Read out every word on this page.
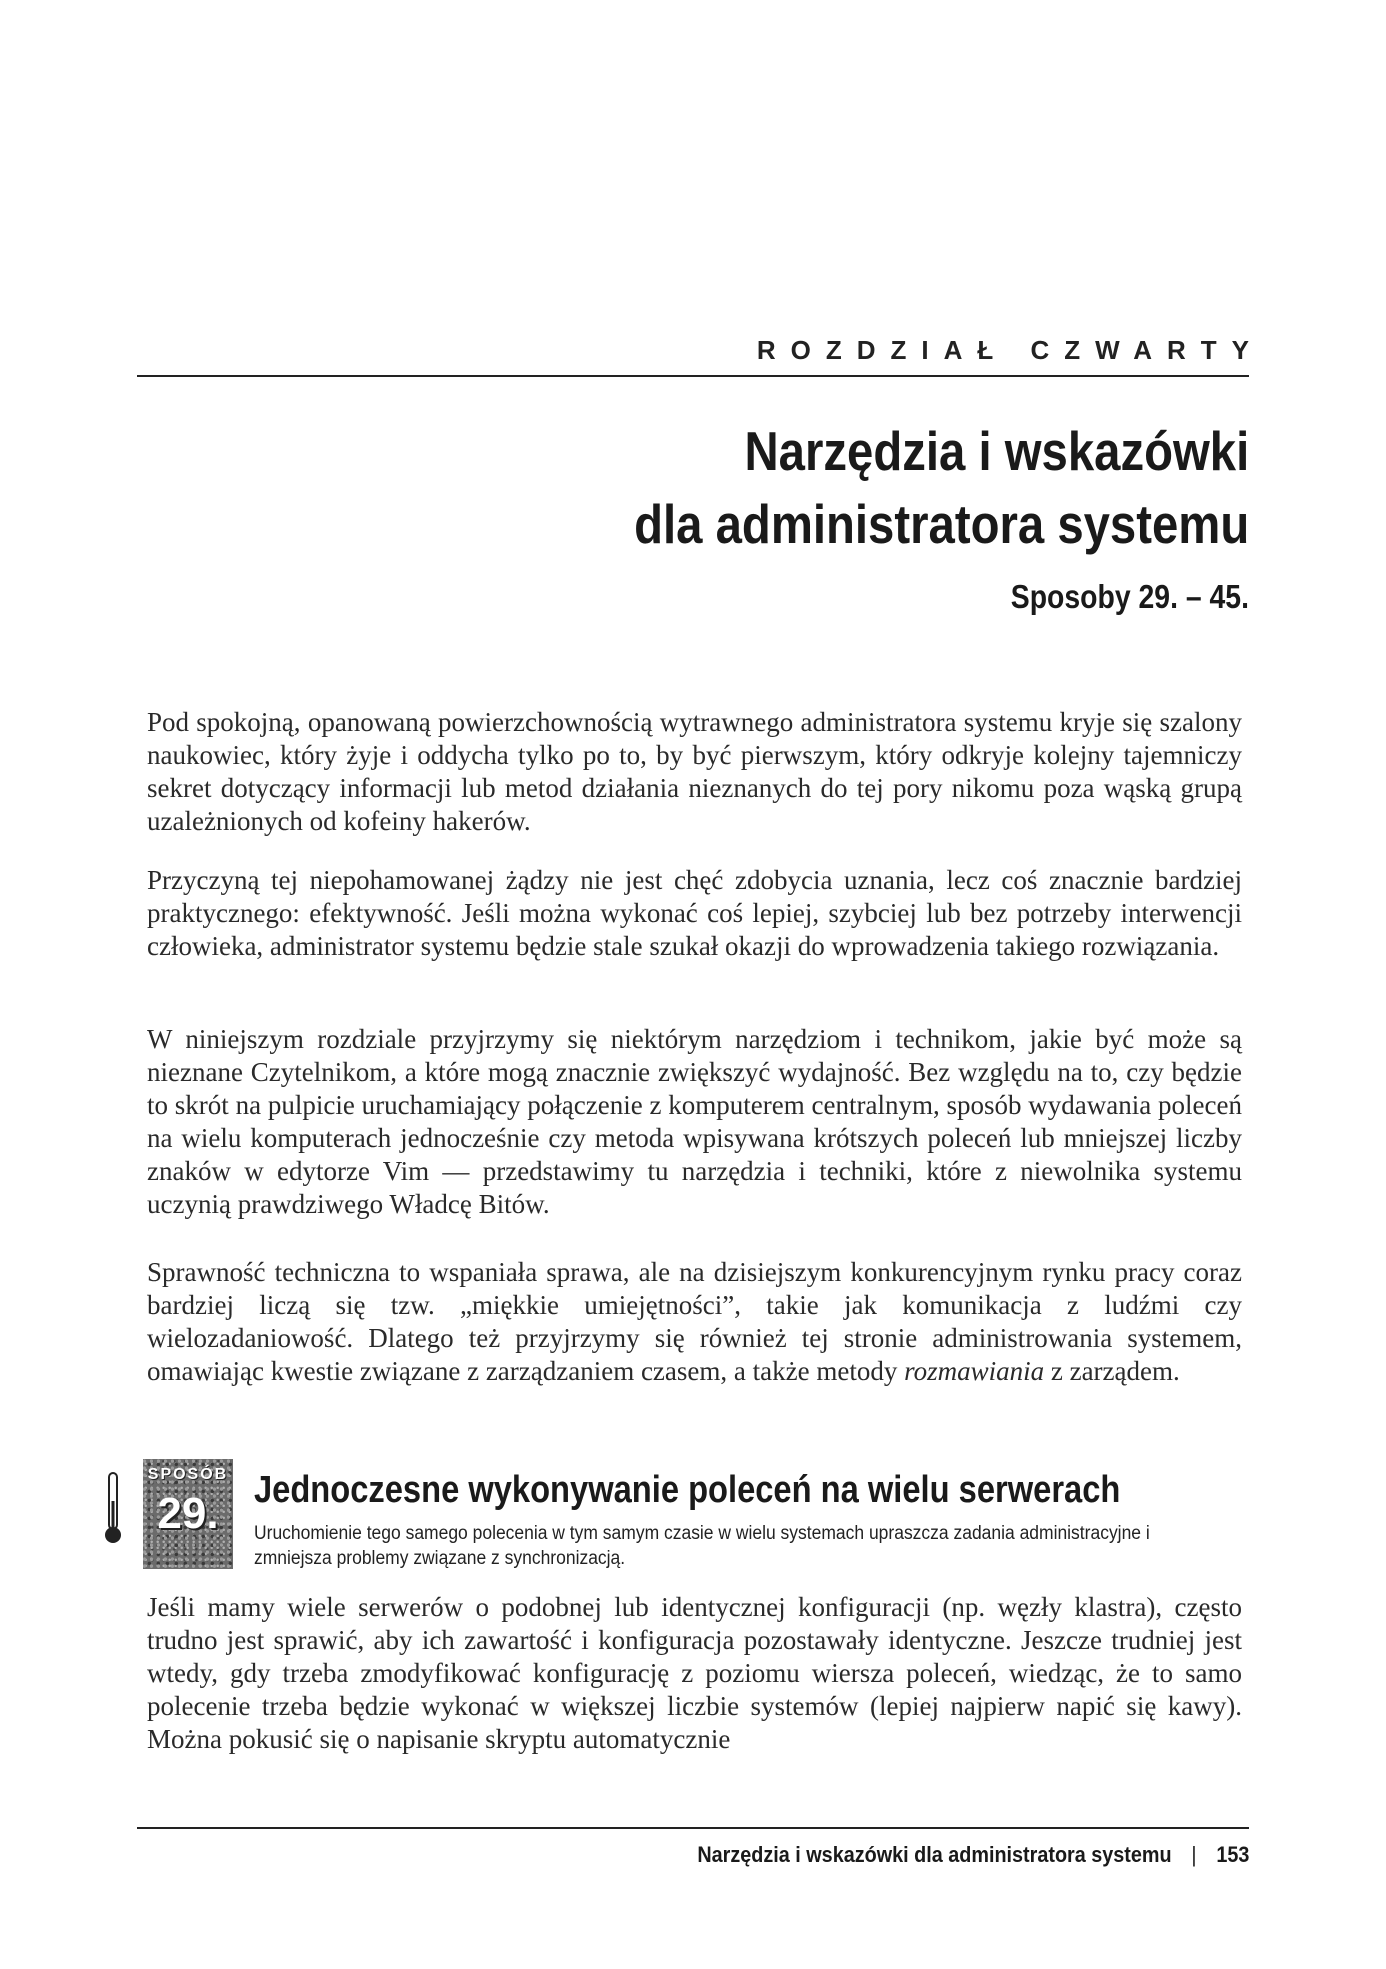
ROZDZIAŁ CZWARTY
Narzędzia i wskazówki
dla administratora systemu
Sposoby 29. – 45.

Pod spokojną, opanowaną powierzchownością wytrawnego administratora systemu kryje się szalony naukowiec, który żyje i oddycha tylko po to, by być pierwszym, który odkryje kolejny tajemniczy sekret dotyczący informacji lub metod działania nieznanych do tej pory nikomu poza wąską grupą uzależnionych od kofeiny hakerów.

Przyczyną tej niepohamowanej żądzy nie jest chęć zdobycia uznania, lecz coś znacznie bardziej praktycznego: efektywność. Jeśli można wykonać coś lepiej, szybciej lub bez potrzeby interwencji człowieka, administrator systemu będzie stale szukał okazji do wprowadzenia takiego rozwiązania.

W niniejszym rozdziale przyjrzymy się niektórym narzędziom i technikom, jakie być może są nieznane Czytelnikom, a które mogą znacznie zwiększyć wydajność. Bez względu na to, czy będzie to skrót na pulpicie uruchamiający połączenie z komputerem centralnym, sposób wydawania poleceń na wielu komputerach jednocześnie czy metoda wpisywana krótszych poleceń lub mniejszej liczby znaków w edytorze Vim — przedstawimy tu narzędzia i techniki, które z niewolnika systemu uczynią prawdziwego Władcę Bitów.

Sprawność techniczna to wspaniała sprawa, ale na dzisiejszym konkurencyjnym rynku pracy coraz bardziej liczą się tzw. „miękkie umiejętności”, takie jak komunikacja z ludźmi czy wielozadaniowość. Dlatego też przyjrzymy się również tej stronie administrowania systemem, omawiając kwestie związane z zarządzaniem czasem, a także metody rozmawiania z zarządem.

SPOSÓB
29. Jednoczesne wykonywanie poleceń na wielu serwerach
Uruchomienie tego samego polecenia w tym samym czasie w wielu systemach upraszcza zadania administracyjne i zmniejsza problemy związane z synchronizacją.

Jeśli mamy wiele serwerów o podobnej lub identycznej konfiguracji (np. węzły klastra), często trudno jest sprawić, aby ich zawartość i konfiguracja pozostawały identyczne. Jeszcze trudniej jest wtedy, gdy trzeba zmodyfikować konfigurację z poziomu wiersza poleceń, wiedząc, że to samo polecenie trzeba będzie wykonać w większej liczbie systemów (lepiej najpierw napić się kawy). Można pokusić się o napisanie skryptu automatycznie

Narzędzia i wskazówki dla administratora systemu | 153
